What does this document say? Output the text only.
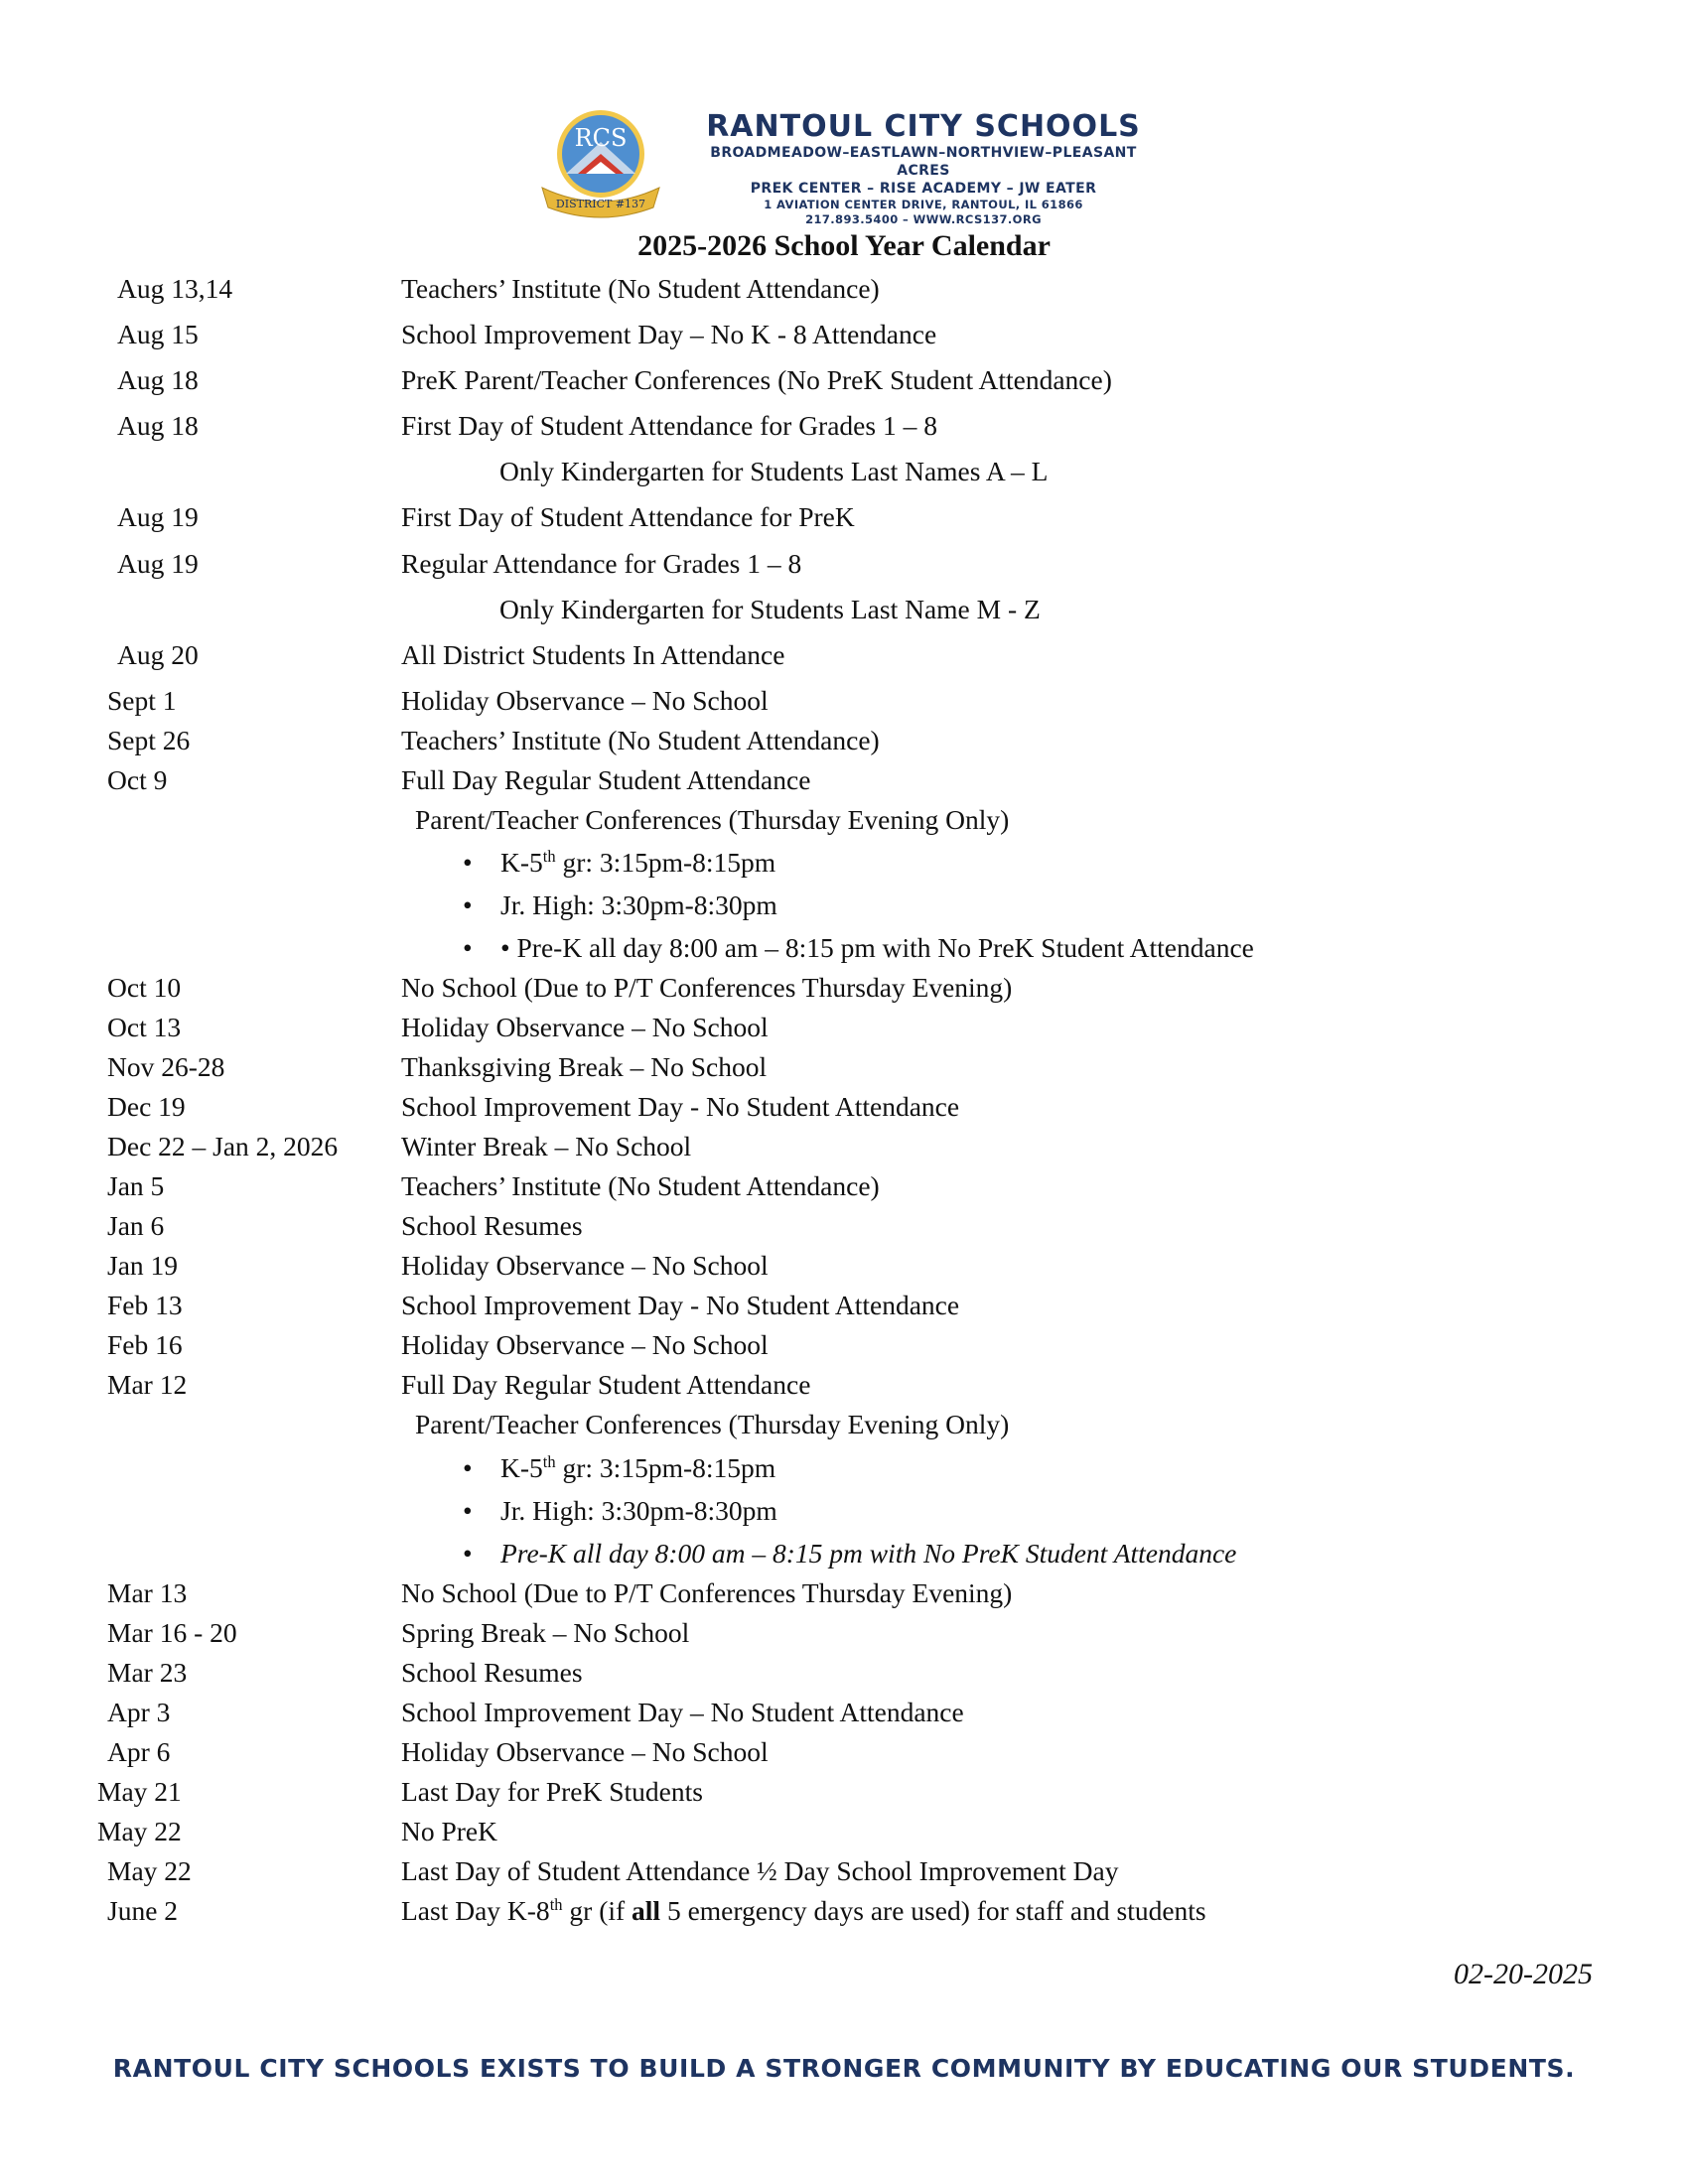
RCS
DISTRICT #137
RANTOUL CITY SCHOOLS
BROADMEADOW–EASTLAWN–NORTHVIEW–PLEASANT ACRES
PREK CENTER – RISE ACADEMY – JW EATER
1 AVIATION CENTER DRIVE, RANTOUL, IL 61866
217.893.5400 – WWW.RCS137.ORG
2025-2026 School Year Calendar
Aug 13,14	Teachers’ Institute (No Student Attendance)
Aug 15	School Improvement Day – No K - 8 Attendance
Aug 18	PreK Parent/Teacher Conferences (No PreK Student Attendance)
Aug 18	First Day of Student Attendance for Grades 1 – 8
Only Kindergarten for Students Last Names A – L
Aug 19	First Day of Student Attendance for PreK
Aug 19	Regular Attendance for Grades 1 – 8
Only Kindergarten for Students Last Name M - Z
Aug 20	All District Students In Attendance
Sept 1	Holiday Observance – No School
Sept 26	Teachers’ Institute (No Student Attendance)
Oct 9	Full Day Regular Student Attendance
Parent/Teacher Conferences (Thursday Evening Only)
• K-5th gr: 3:15pm-8:15pm
• Jr. High: 3:30pm-8:30pm
• • Pre-K all day 8:00 am – 8:15 pm with No PreK Student Attendance
Oct 10	No School (Due to P/T Conferences Thursday Evening)
Oct 13	Holiday Observance – No School
Nov 26-28	Thanksgiving Break – No School
Dec 19	School Improvement Day - No Student Attendance
Dec 22 – Jan 2, 2026 Winter Break – No School
Jan 5	Teachers’ Institute (No Student Attendance)
Jan 6	School Resumes
Jan 19	Holiday Observance – No School
Feb 13	School Improvement Day - No Student Attendance
Feb 16	Holiday Observance – No School
Mar 12	Full Day Regular Student Attendance
Parent/Teacher Conferences (Thursday Evening Only)
• K-5th gr: 3:15pm-8:15pm
• Jr. High: 3:30pm-8:30pm
• Pre-K all day 8:00 am – 8:15 pm with No PreK Student Attendance
Mar 13	No School (Due to P/T Conferences Thursday Evening)
Mar 16 - 20	Spring Break – No School
Mar 23	School Resumes
Apr 3	School Improvement Day – No Student Attendance
Apr 6	Holiday Observance – No School
May 21	Last Day for PreK Students
May 22	No PreK
May 22	Last Day of Student Attendance ½ Day School Improvement Day
June 2	Last Day K-8th gr (if all 5 emergency days are used) for staff and students
02-20-2025
RANTOUL CITY SCHOOLS EXISTS TO BUILD A STRONGER COMMUNITY BY EDUCATING OUR STUDENTS.
